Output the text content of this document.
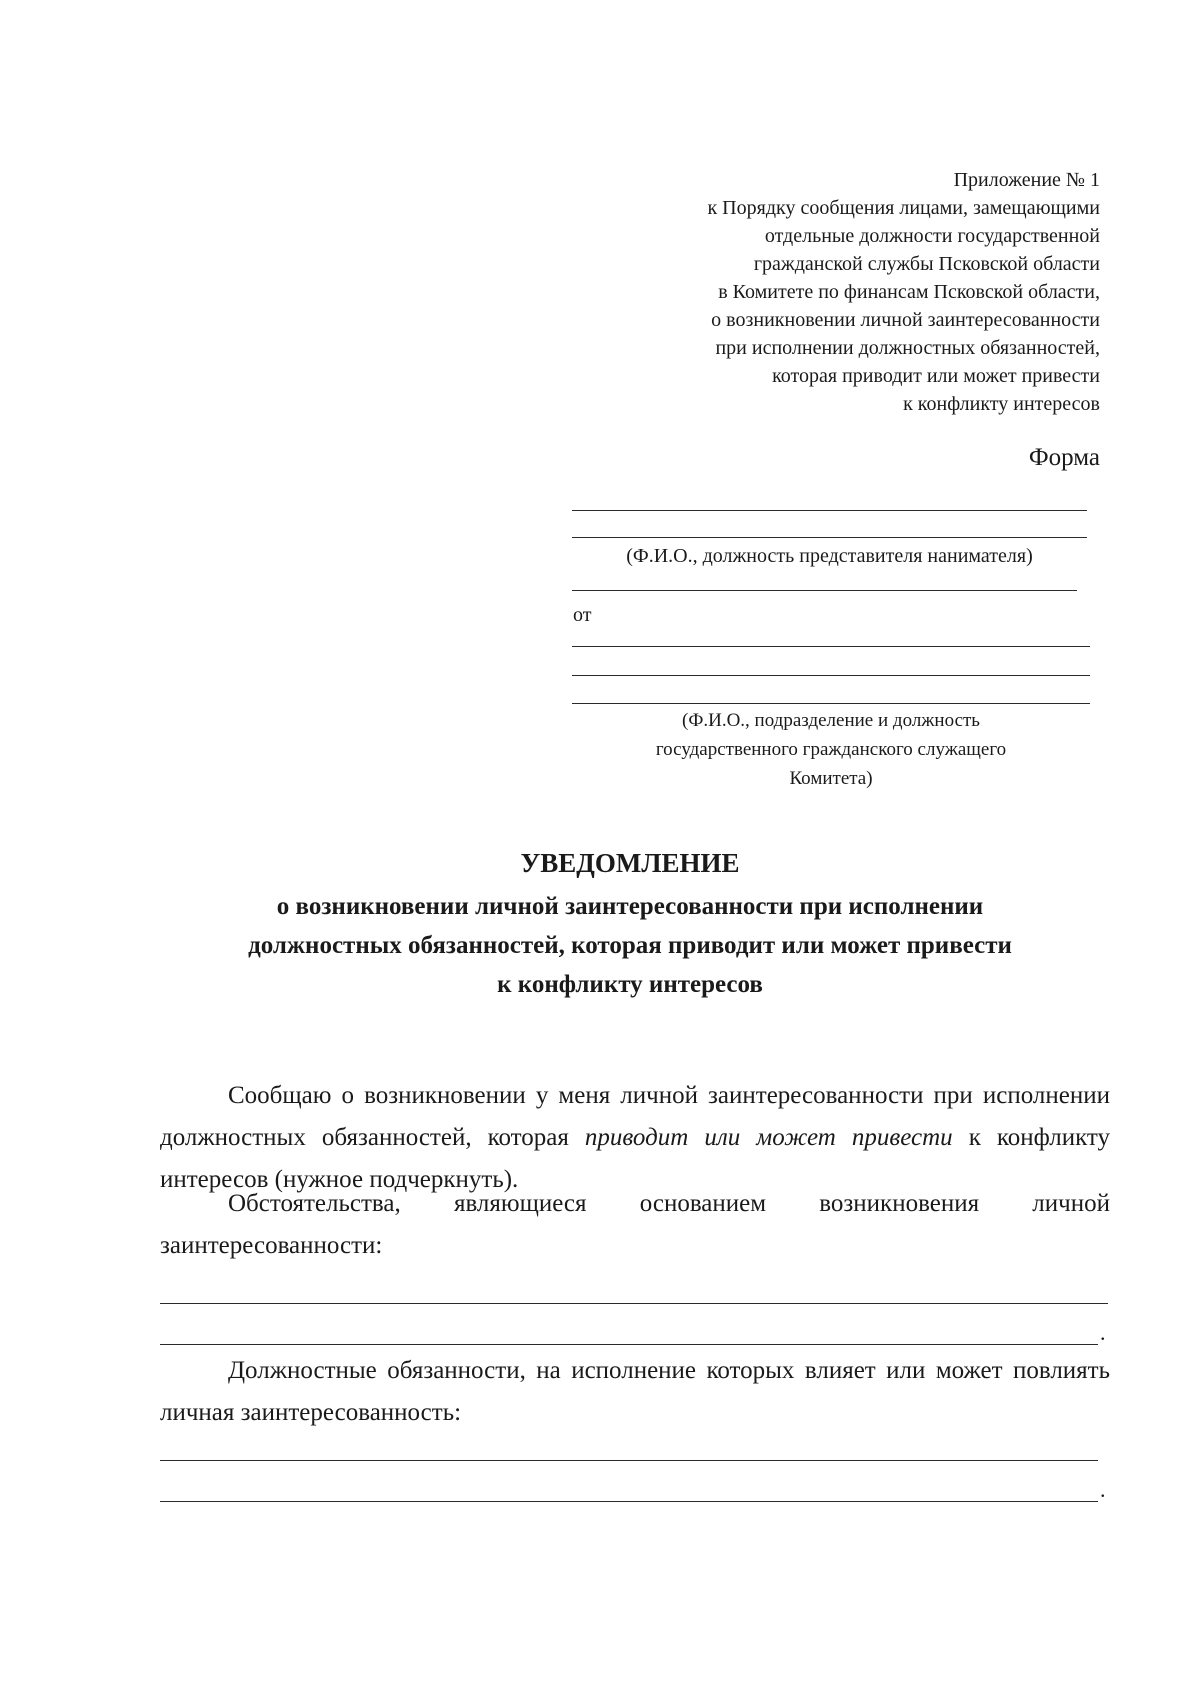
Приложение № 1
к Порядку сообщения лицами, замещающими
отдельные должности государственной
гражданской службы Псковской области
в Комитете по финансам Псковской области,
о возникновении личной заинтересованности
при исполнении должностных обязанностей,
которая приводит или может привести
к конфликту интересов
Форма
(Ф.И.О., должность представителя нанимателя)
от
(Ф.И.О., подразделение и должность
государственного гражданского служащего
Комитета)
УВЕДОМЛЕНИЕ
о возникновении личной заинтересованности при исполнении
должностных обязанностей, которая приводит или может привести
к конфликту интересов
Сообщаю о возникновении у меня личной заинтересованности при исполнении должностных обязанностей, которая приводит или может привести к конфликту интересов (нужное подчеркнуть).
Обстоятельства, являющиеся основанием возникновения личной заинтересованности:
.
Должностные обязанности, на исполнение которых влияет или может повлиять личная заинтересованность:
.
